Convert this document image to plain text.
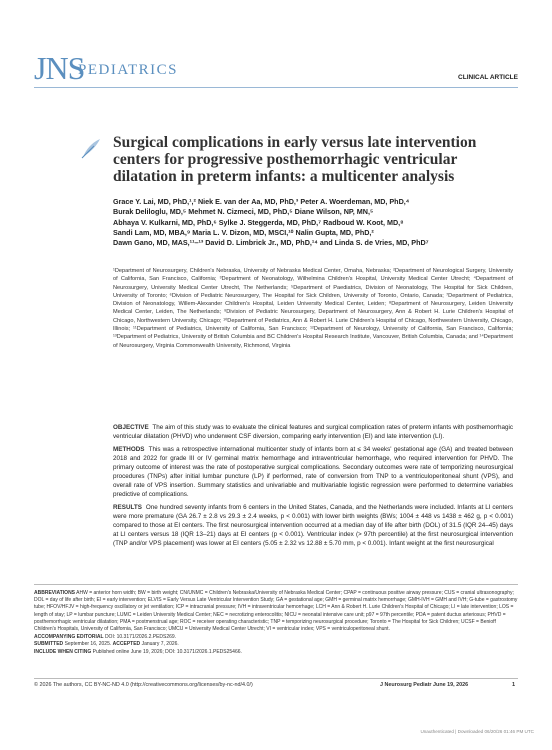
JNS
PEDIATRICS	CLINICAL ARTICLE
Surgical complications in early versus late intervention centers for progressive posthemorrhagic ventricular dilatation in preterm infants: a multicenter analysis
Grace Y. Lai, MD, PhD,¹,² Niek E. van der Aa, MD, PhD,³ Peter A. Woerdeman, MD, PhD,⁴
Burak Deliloglu, MD,⁵ Mehmet N. Cizmeci, MD, PhD,⁵ Diane Wilson, NP, MN,⁵
Abhaya V. Kulkarni, MD, PhD,⁶ Sylke J. Steggerda, MD, PhD,⁷ Radboud W. Koot, MD,⁸
Sandi Lam, MD, MBA,⁹ Maria L. V. Dizon, MD, MSCI,¹⁰ Nalin Gupta, MD, PhD,²
Dawn Gano, MD, MAS,¹¹–¹³ David D. Limbrick Jr., MD, PhD,¹⁴ and Linda S. de Vries, MD, PhD⁷
¹Department of Neurosurgery, Children's Nebraska, University of Nebraska Medical Center, Omaha, Nebraska; ²Department of Neurological Surgery, University of California, San Francisco, California; ³Department of Neonatology, Wilhelmina Children's Hospital, University Medical Center Utrecht; ⁴Department of Neurosurgery, University Medical Center Utrecht, The Netherlands; ⁵Department of Paediatrics, Division of Neonatology, The Hospital for Sick Children, University of Toronto; ⁶Division of Pediatric Neurosurgery, The Hospital for Sick Children, University of Toronto, Ontario, Canada; ⁷Department of Pediatrics, Division of Neonatology, Willem-Alexander Children's Hospital, Leiden University Medical Center, Leiden; ⁸Department of Neurosurgery, Leiden University Medical Center, Leiden, The Netherlands; ⁹Division of Pediatric Neurosurgery, Department of Neurosurgery, Ann & Robert H. Lurie Children's Hospital of Chicago, Northwestern University, Chicago; ¹⁰Department of Pediatrics, Ann & Robert H. Lurie Children's Hospital of Chicago, Northwestern University, Chicago, Illinois; ¹¹Department of Pediatrics, University of California, San Francisco; ¹²Department of Neurology, University of California, San Francisco, California; ¹³Department of Pediatrics, University of British Columbia and BC Children's Hospital Research Institute, Vancouver, British Columbia, Canada; and ¹⁴Department of Neurosurgery, Virginia Commonwealth University, Richmond, Virginia

OBJECTIVE The aim of this study was to evaluate the clinical features and surgical complication rates of preterm infants with posthemorrhagic ventricular dilatation (PHVD) who underwent CSF diversion, comparing early intervention (EI) and late intervention (LI).

METHODS This was a retrospective international multicenter study of infants born at ≤ 34 weeks' gestational age (GA) and treated between 2018 and 2022 for grade III or IV germinal matrix hemorrhage and intraventricular hemorrhage, who required intervention for PHVD. The primary outcome of interest was the rate of postoperative surgical complications. Secondary outcomes were rate of temporizing neurosurgical procedures (TNPs) after initial lumbar puncture (LP) if performed, rate of conversion from TNP to a ventriculoperitoneal shunt (VPS), and overall rate of VPS insertion. Summary statistics and univariable and multivariable logistic regression were performed to determine variables predictive of complications.

RESULTS One hundred seventy infants from 6 centers in the United States, Canada, and the Netherlands were included. Infants at LI centers were more premature (GA 26.7 ± 2.8 vs 29.3 ± 2.4 weeks, p < 0.001) with lower birth weights (BWs; 1004 ± 448 vs 1438 ± 462 g, p < 0.001) compared to those at EI centers. The first neurosurgical intervention occurred at a median day of life after birth (DOL) of 31.5 (IQR 24–45) days at LI centers versus 18 (IQR 13–21) days at EI centers (p < 0.001). Ventricular index (> 97th percentile) at the first neurosurgical intervention (TNP and/or VPS placement) was lower at EI centers (5.05 ± 2.32 vs 12.88 ± 5.70 mm, p < 0.001). Infant weight at the first neurosurgical

ABBREVIATIONS AHW = anterior horn width; BW = birth weight; CN/UNMC = Children's Nebraska/University of Nebraska Medical Center; CPAP = continuous positive airway pressure; CUS = cranial ultrasonography; DOL = day of life after birth; EI = early intervention; ELVIS = Early Versus Late Ventricular Intervention Study; GA = gestational age; GMH = germinal matrix hemorrhage; GMH-IVH = GMH and IVH; G-tube = gastrostomy tube; HFOV/HFJV = high-frequency oscillatory or jet ventilation; ICP = intracranial pressure; IVH = intraventricular hemorrhage; LCH = Ann & Robert H. Lurie Children's Hospital of Chicago; LI = late intervention; LOS = length of stay; LP = lumbar puncture; LUMC = Leiden University Medical Center; NEC = necrotizing enterocolitis; NICU = neonatal intensive care unit; p97 = 97th percentile; PDA = patent ductus arteriosus; PHVD = posthemorrhagic ventricular dilatation; PMA = postmenstrual age; ROC = receiver operating characteristic; TNP = temporizing neurosurgical procedure; Toronto = The Hospital for Sick Children; UCSF = Benioff Children's Hospitals, University of California, San Francisco; UMCU = University Medical Center Utrecht; VI = ventricular index; VPS = ventriculoperitoneal shunt.
ACCOMPANYING EDITORIAL DOI: 10.3171/2026.2.PEDS269.
SUBMITTED September 16, 2025. ACCEPTED January 7, 2026.
INCLUDE WHEN CITING Published online June 19, 2026; DOI: 10.3171/2026.1.PEDS25466.
© 2026 The authors, CC BY-NC-ND 4.0 (http://creativecommons.org/licenses/by-nc-nd/4.0/)	J Neurosurg Pediatr June 19, 2026	1
Unauthenticated | Downloaded 06/20/26 01:46 PM UTC
